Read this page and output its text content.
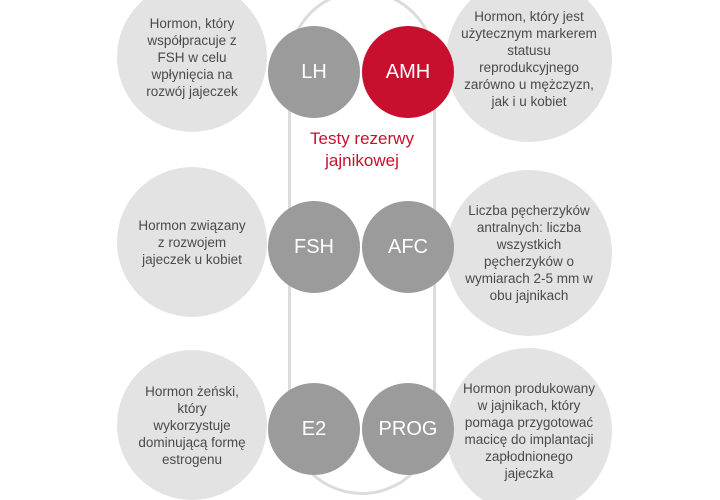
Testy rezerwy jajnikowej
Hormon, który współpracuje z FSH w celu wpłynięcia na rozwój jajeczek
Hormon związany z rozwojem jajeczek u kobiet
Hormon żeński, który wykorzystuje dominującą formę estrogenu
Hormon, który jest użytecznym markerem statusu reprodukcyjnego zarówno u mężczyzn, jak i u kobiet
Liczba pęcherzyków antralnych: liczba wszystkich pęcherzyków o wymiarach 2-5 mm w obu jajnikach
Hormon produkowany w jajnikach, który pomaga przygotować macicę do implantacji zapłodnionego jajeczka
LH	AMH
FSH	AFC
E2	PROG
